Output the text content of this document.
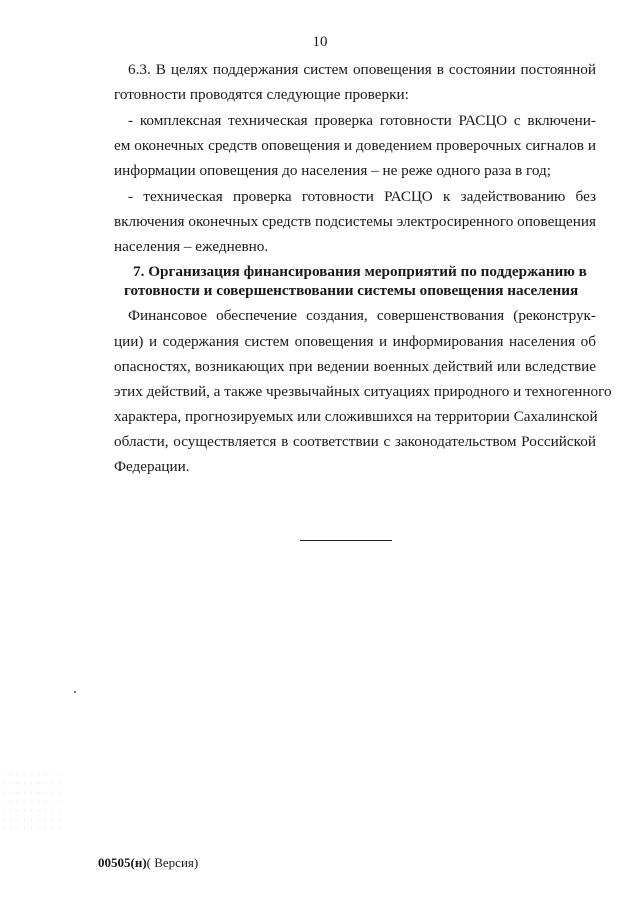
10
6.3. В целях поддержания систем оповещения в состоянии постоянной
готовности проводятся следующие проверки:
- комплексная техническая проверка готовности РАСЦО с включени-
ем оконечных средств оповещения и доведением проверочных сигналов и
информации оповещения до населения – не реже одного раза в год;
- техническая проверка готовности РАСЦО к задействованию без
включения оконечных средств подсистемы электросиренного оповещения
населения – ежедневно.
7. Организация финансирования мероприятий по поддержанию в
готовности и совершенствовании системы оповещения населения
Финансовое обеспечение создания, совершенствования (реконструк-
ции) и содержания систем оповещения и информирования населения об
опасностях, возникающих при ведении военных действий или вследствие
этих действий, а также чрезвычайных ситуациях природного и техногенного
характера, прогнозируемых или сложившихся на территории Сахалинской
области, осуществляется в соответствии с законодательством Российской
Федерации.
00505(н)( Версия)
